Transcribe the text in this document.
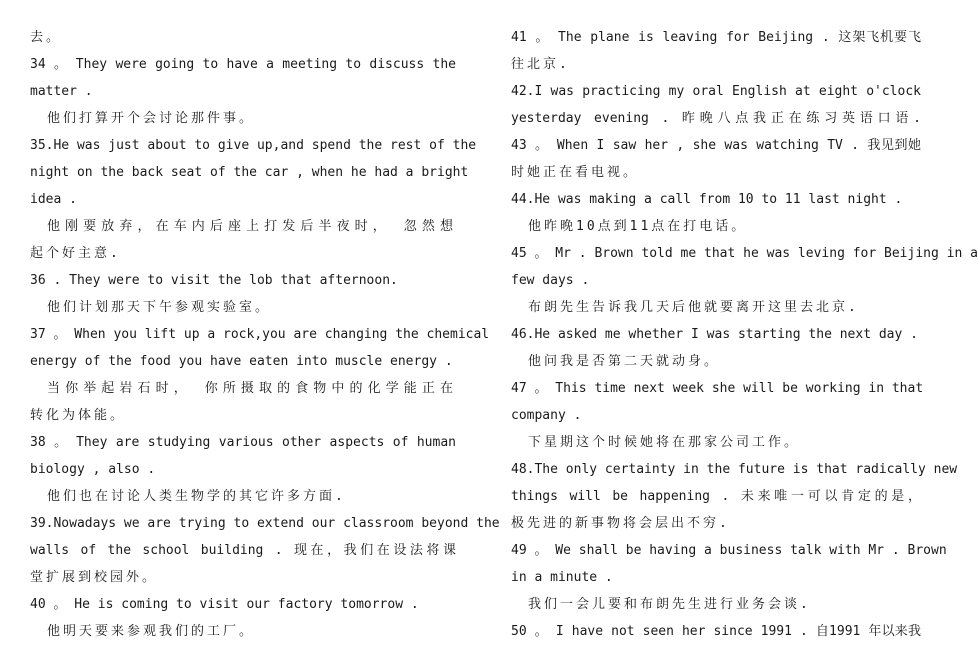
去。
34 。 They were going to have a meeting to discuss the
matter .
他们打算开个会讨论那件事。
35.He was just about to give up,and spend the rest of the
night on the back seat of the car , when he had a bright
idea .
他刚要放弃，在车内后座上打发后半夜时， 忽然想
起个好主意.
36 . They were to visit the lob that afternoon.
他们计划那天下午参观实验室。
37 。 When you lift up a rock,you are changing the chemical
energy of the food you have eaten into muscle energy .
当你举起岩石时， 你所摄取的食物中的化学能正在
转化为体能。
38 。 They are studying various other aspects of human
biology , also .
他们也在讨论人类生物学的其它许多方面.
39.Nowadays we are trying to extend our classroom beyond the
walls of the school building . 现在，我们在设法将课
堂扩展到校园外。
40 。 He is coming to visit our factory tomorrow .
他明天要来参观我们的工厂。
41 。 The plane is leaving for Beijing . 这架飞机要飞
往北京.
42.I was practicing my oral English at eight o'clock
yesterday evening . 昨晚八点我正在练习英语口语.
43 。 When I saw her , she was watching TV . 我见到她
时她正在看电视。
44.He was making a call from 10 to 11 last night .
他昨晚10点到11点在打电话。
45 。 Mr . Brown told me that he was leving for Beijing in a
few days .
布朗先生告诉我几天后他就要离开这里去北京.
46.He asked me whether I was starting the next day .
他问我是否第二天就动身。
47 。 This time next week she will be working in that
company .
下星期这个时候她将在那家公司工作。
48.The only certainty in the future is that radically new
things will be happening . 未来唯一可以肯定的是，
极先进的新事物将会层出不穷.
49 。 We shall be having a business talk with Mr . Brown
in a minute .
我们一会儿要和布朗先生进行业务会谈.
50 。 I have not seen her since 1991 . 自1991 年以来我
